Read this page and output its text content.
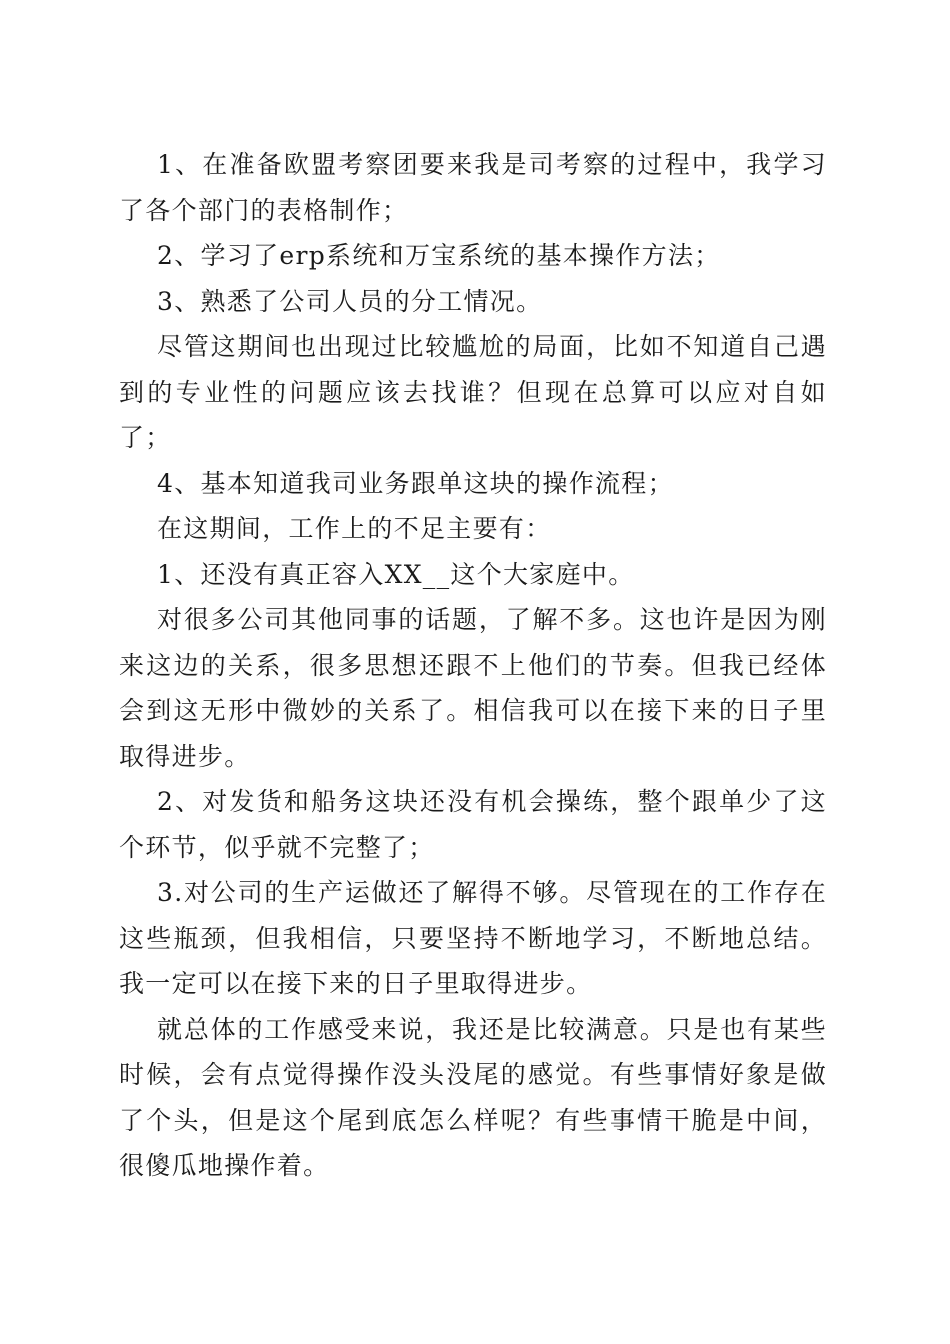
1、在准备欧盟考察团要来我是司考察的过程中，我学习了各个部门的表格制作；

2、学习了erp系统和万宝系统的基本操作方法；

3、熟悉了公司人员的分工情况。

尽管这期间也出现过比较尴尬的局面，比如不知道自己遇到的专业性的问题应该去找谁？但现在总算可以应对自如了；

4、基本知道我司业务跟单这块的操作流程；

在这期间，工作上的不足主要有：

1、还没有真正容入XX__这个大家庭中。

对很多公司其他同事的话题，了解不多。这也许是因为刚来这边的关系，很多思想还跟不上他们的节奏。但我已经体会到这无形中微妙的关系了。相信我可以在接下来的日子里取得进步。

2、对发货和船务这块还没有机会操练，整个跟单少了这个环节，似乎就不完整了；

3.对公司的生产运做还了解得不够。尽管现在的工作存在这些瓶颈，但我相信，只要坚持不断地学习，不断地总结。我一定可以在接下来的日子里取得进步。

就总体的工作感受来说，我还是比较满意。只是也有某些时候，会有点觉得操作没头没尾的感觉。有些事情好象是做了个头，但是这个尾到底怎么样呢？有些事情干脆是中间，很傻瓜地操作着。
